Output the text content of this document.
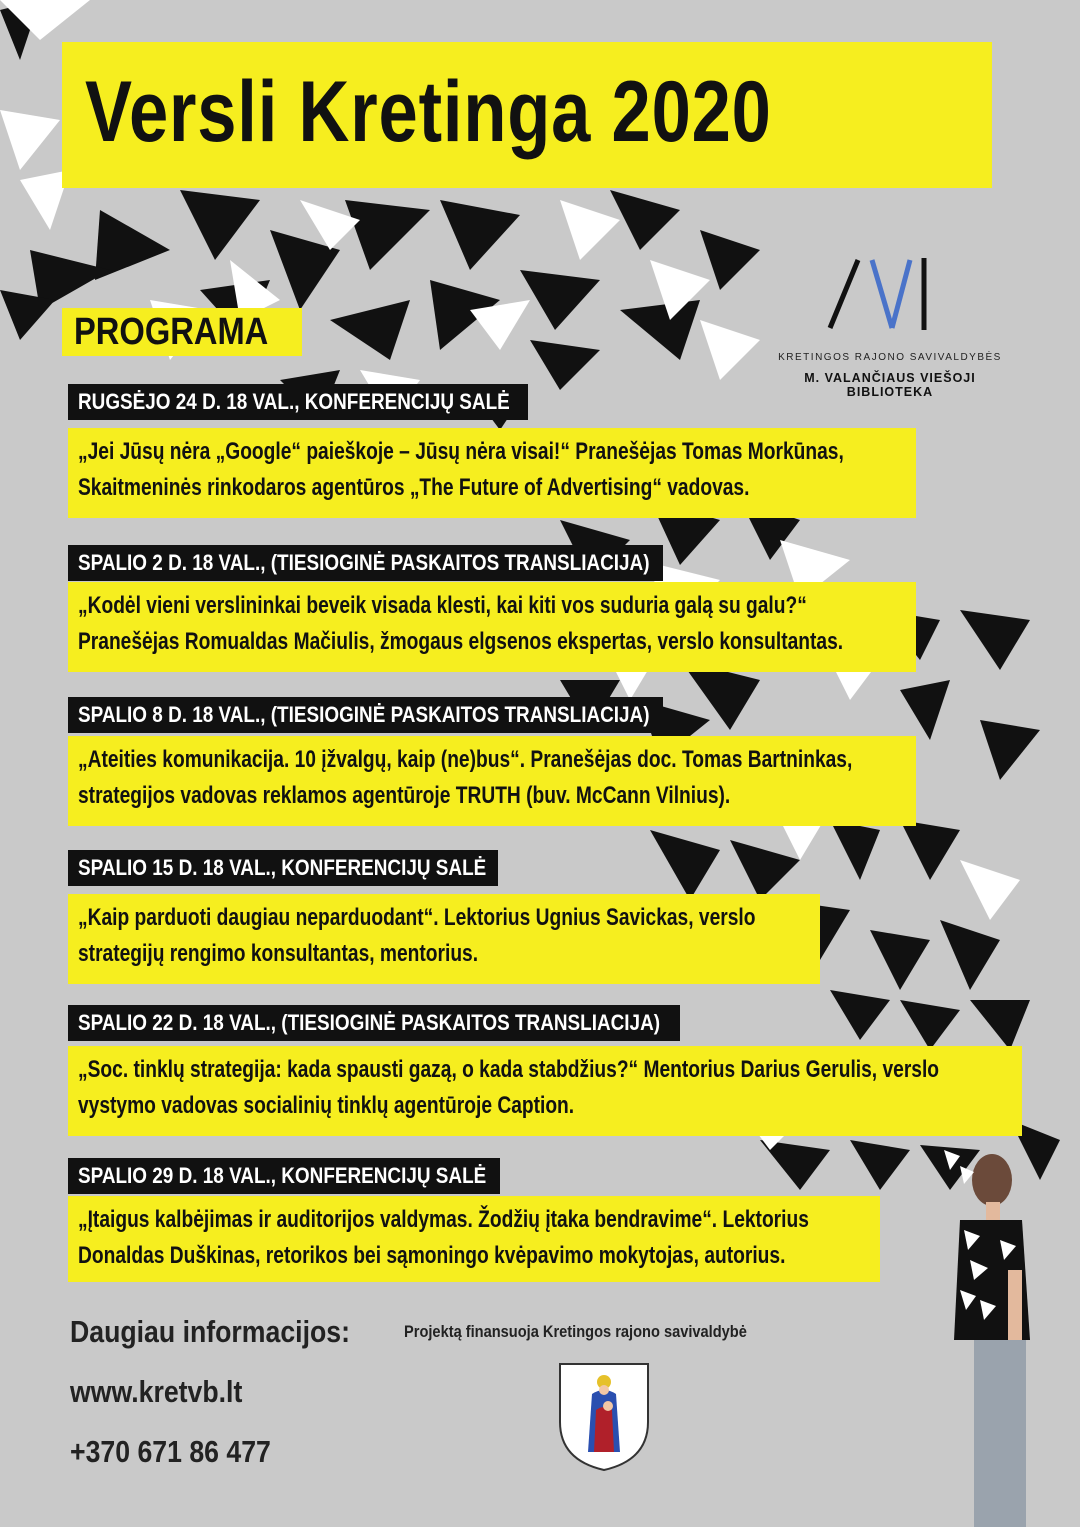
Versli Kretinga 2020
KRETINGOS RAJONO SAVIVALDYBĖS
M. VALANČIAUS VIEŠOJI BIBLIOTEKA
PROGRAMA
RUGSĖJO 24 D. 18 VAL., KONFERENCIJŲ SALĖ
„Jei Jūsų nėra „Google“ paieškoje – Jūsų nėra visai!“ Pranešėjas Tomas Morkūnas,
Skaitmeninės rinkodaros agentūros „The Future of Advertising“ vadovas.
SPALIO 2 D. 18 VAL., (TIESIOGINĖ PASKAITOS TRANSLIACIJA)
„Kodėl vieni verslininkai beveik visada klesti, kai kiti vos suduria galą su galu?“
Pranešėjas Romualdas Mačiulis, žmogaus elgsenos ekspertas, verslo konsultantas.
SPALIO 8 D. 18 VAL., (TIESIOGINĖ PASKAITOS TRANSLIACIJA)
„Ateities komunikacija. 10 įžvalgų, kaip (ne)bus“. Pranešėjas doc. Tomas Bartninkas,
strategijos vadovas reklamos agentūroje TRUTH (buv. McCann Vilnius).
SPALIO 15 D. 18 VAL., KONFERENCIJŲ SALĖ
„Kaip parduoti daugiau neparduodant“. Lektorius Ugnius Savickas, verslo
strategijų rengimo konsultantas, mentorius.
SPALIO 22 D. 18 VAL., (TIESIOGINĖ PASKAITOS TRANSLIACIJA)
„Soc. tinklų strategija: kada spausti gazą, o kada stabdžius?“ Mentorius Darius Gerulis, verslo
vystymo vadovas socialinių tinklų agentūroje Caption.
SPALIO 29 D. 18 VAL., KONFERENCIJŲ SALĖ
„Įtaigus kalbėjimas ir auditorijos valdymas. Žodžių įtaka bendravime“. Lektorius
Donaldas Duškinas, retorikos bei sąmoningo kvėpavimo mokytojas, autorius.
Daugiau informacijos:
www.kretvb.lt
+370 671 86 477
Projektą finansuoja Kretingos rajono savivaldybė
